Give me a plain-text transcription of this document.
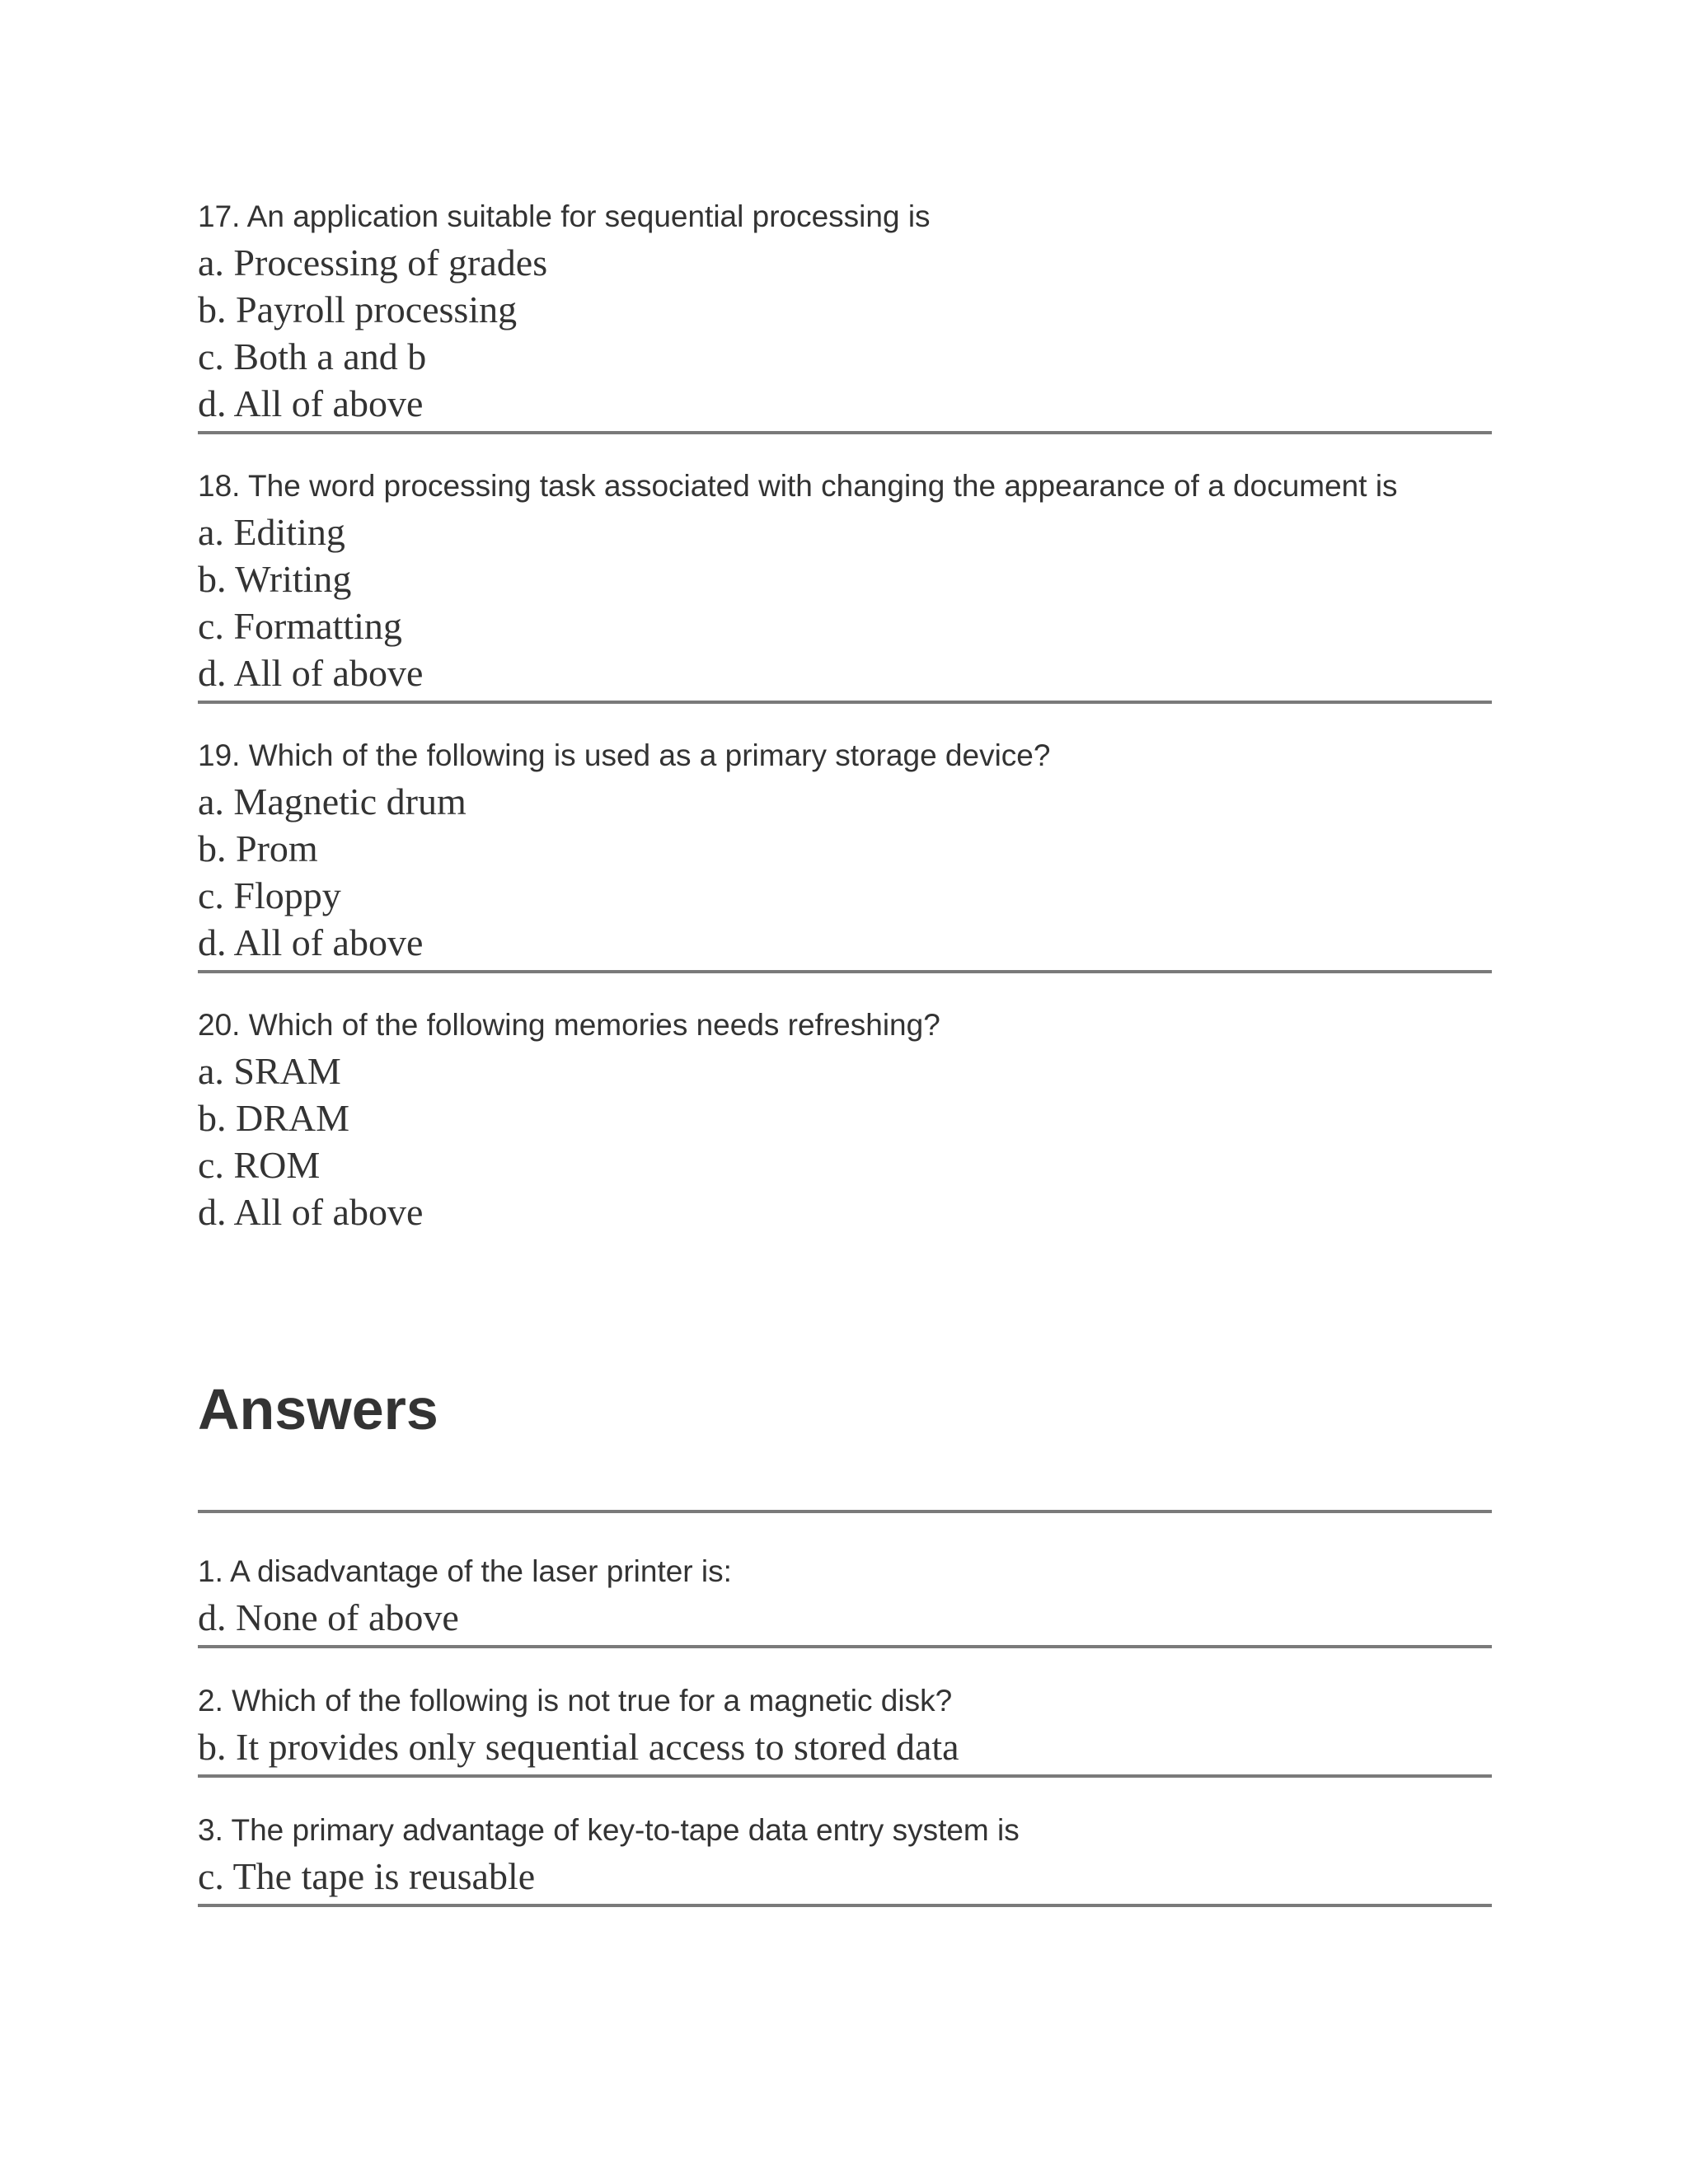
17. An application suitable for sequential processing is
a. Processing of grades
b. Payroll processing
c. Both a and b
d. All of above
18. The word processing task associated with changing the appearance of a document is
a. Editing
b. Writing
c. Formatting
d. All of above
19. Which of the following is used as a primary storage device?
a. Magnetic drum
b. Prom
c. Floppy
d. All of above
20. Which of the following memories needs refreshing?
a. SRAM
b. DRAM
c. ROM
d. All of above
Answers
1. A disadvantage of the laser printer is:
d. None of above
2. Which of the following is not true for a magnetic disk?
b. It provides only sequential access to stored data
3. The primary advantage of key-to-tape data entry system is
c. The tape is reusable
